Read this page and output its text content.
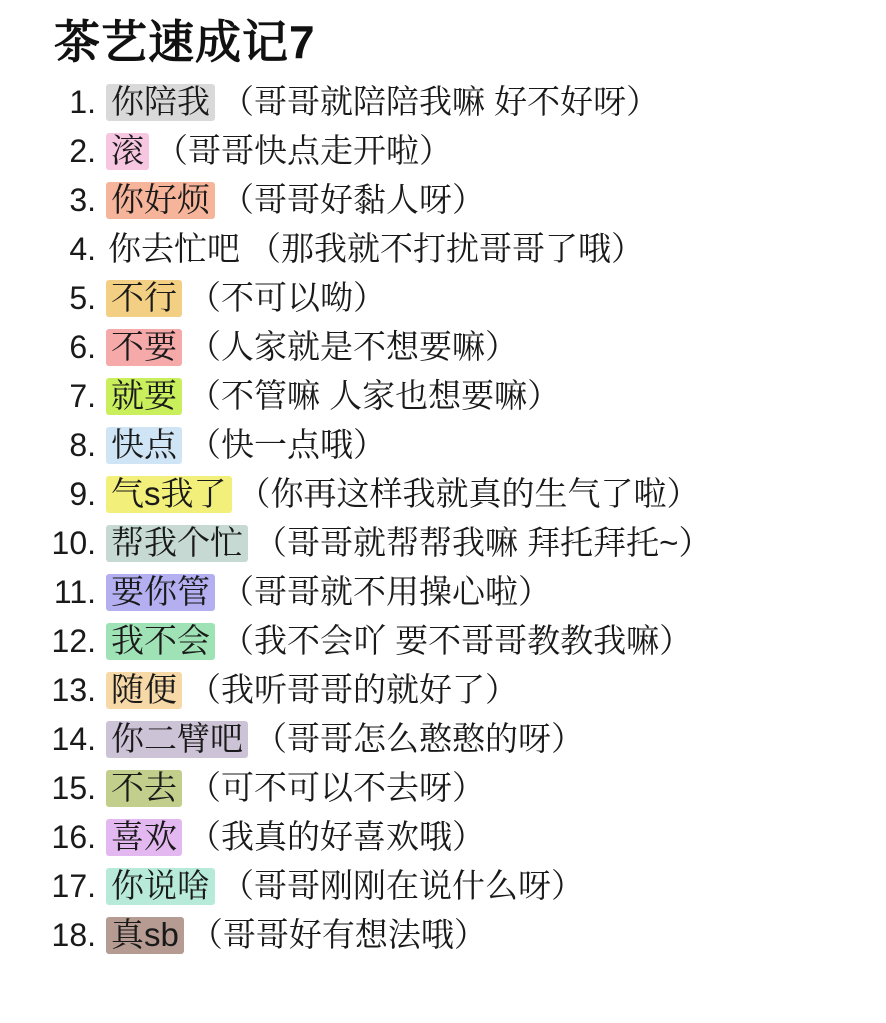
茶艺速成记7
1. 你陪我 （哥哥就陪陪我嘛 好不好呀）
2. 滚 （哥哥快点走开啦）
3. 你好烦 （哥哥好黏人呀）
4. 你去忙吧 （那我就不打扰哥哥了哦）
5. 不行 （不可以呦）
6. 不要 （人家就是不想要嘛）
7. 就要 （不管嘛 人家也想要嘛）
8. 快点 （快一点哦）
9. 气s我了 （你再这样我就真的生气了啦）
10. 帮我个忙 （哥哥就帮帮我嘛 拜托拜托~）
11. 要你管 （哥哥就不用操心啦）
12. 我不会 （我不会吖 要不哥哥教教我嘛）
13. 随便 （我听哥哥的就好了）
14. 你二臂吧 （哥哥怎么憨憨的呀）
15. 不去 （可不可以不去呀）
16. 喜欢 （我真的好喜欢哦）
17. 你说啥 （哥哥刚刚在说什么呀）
18. 真sb （哥哥好有想法哦）
